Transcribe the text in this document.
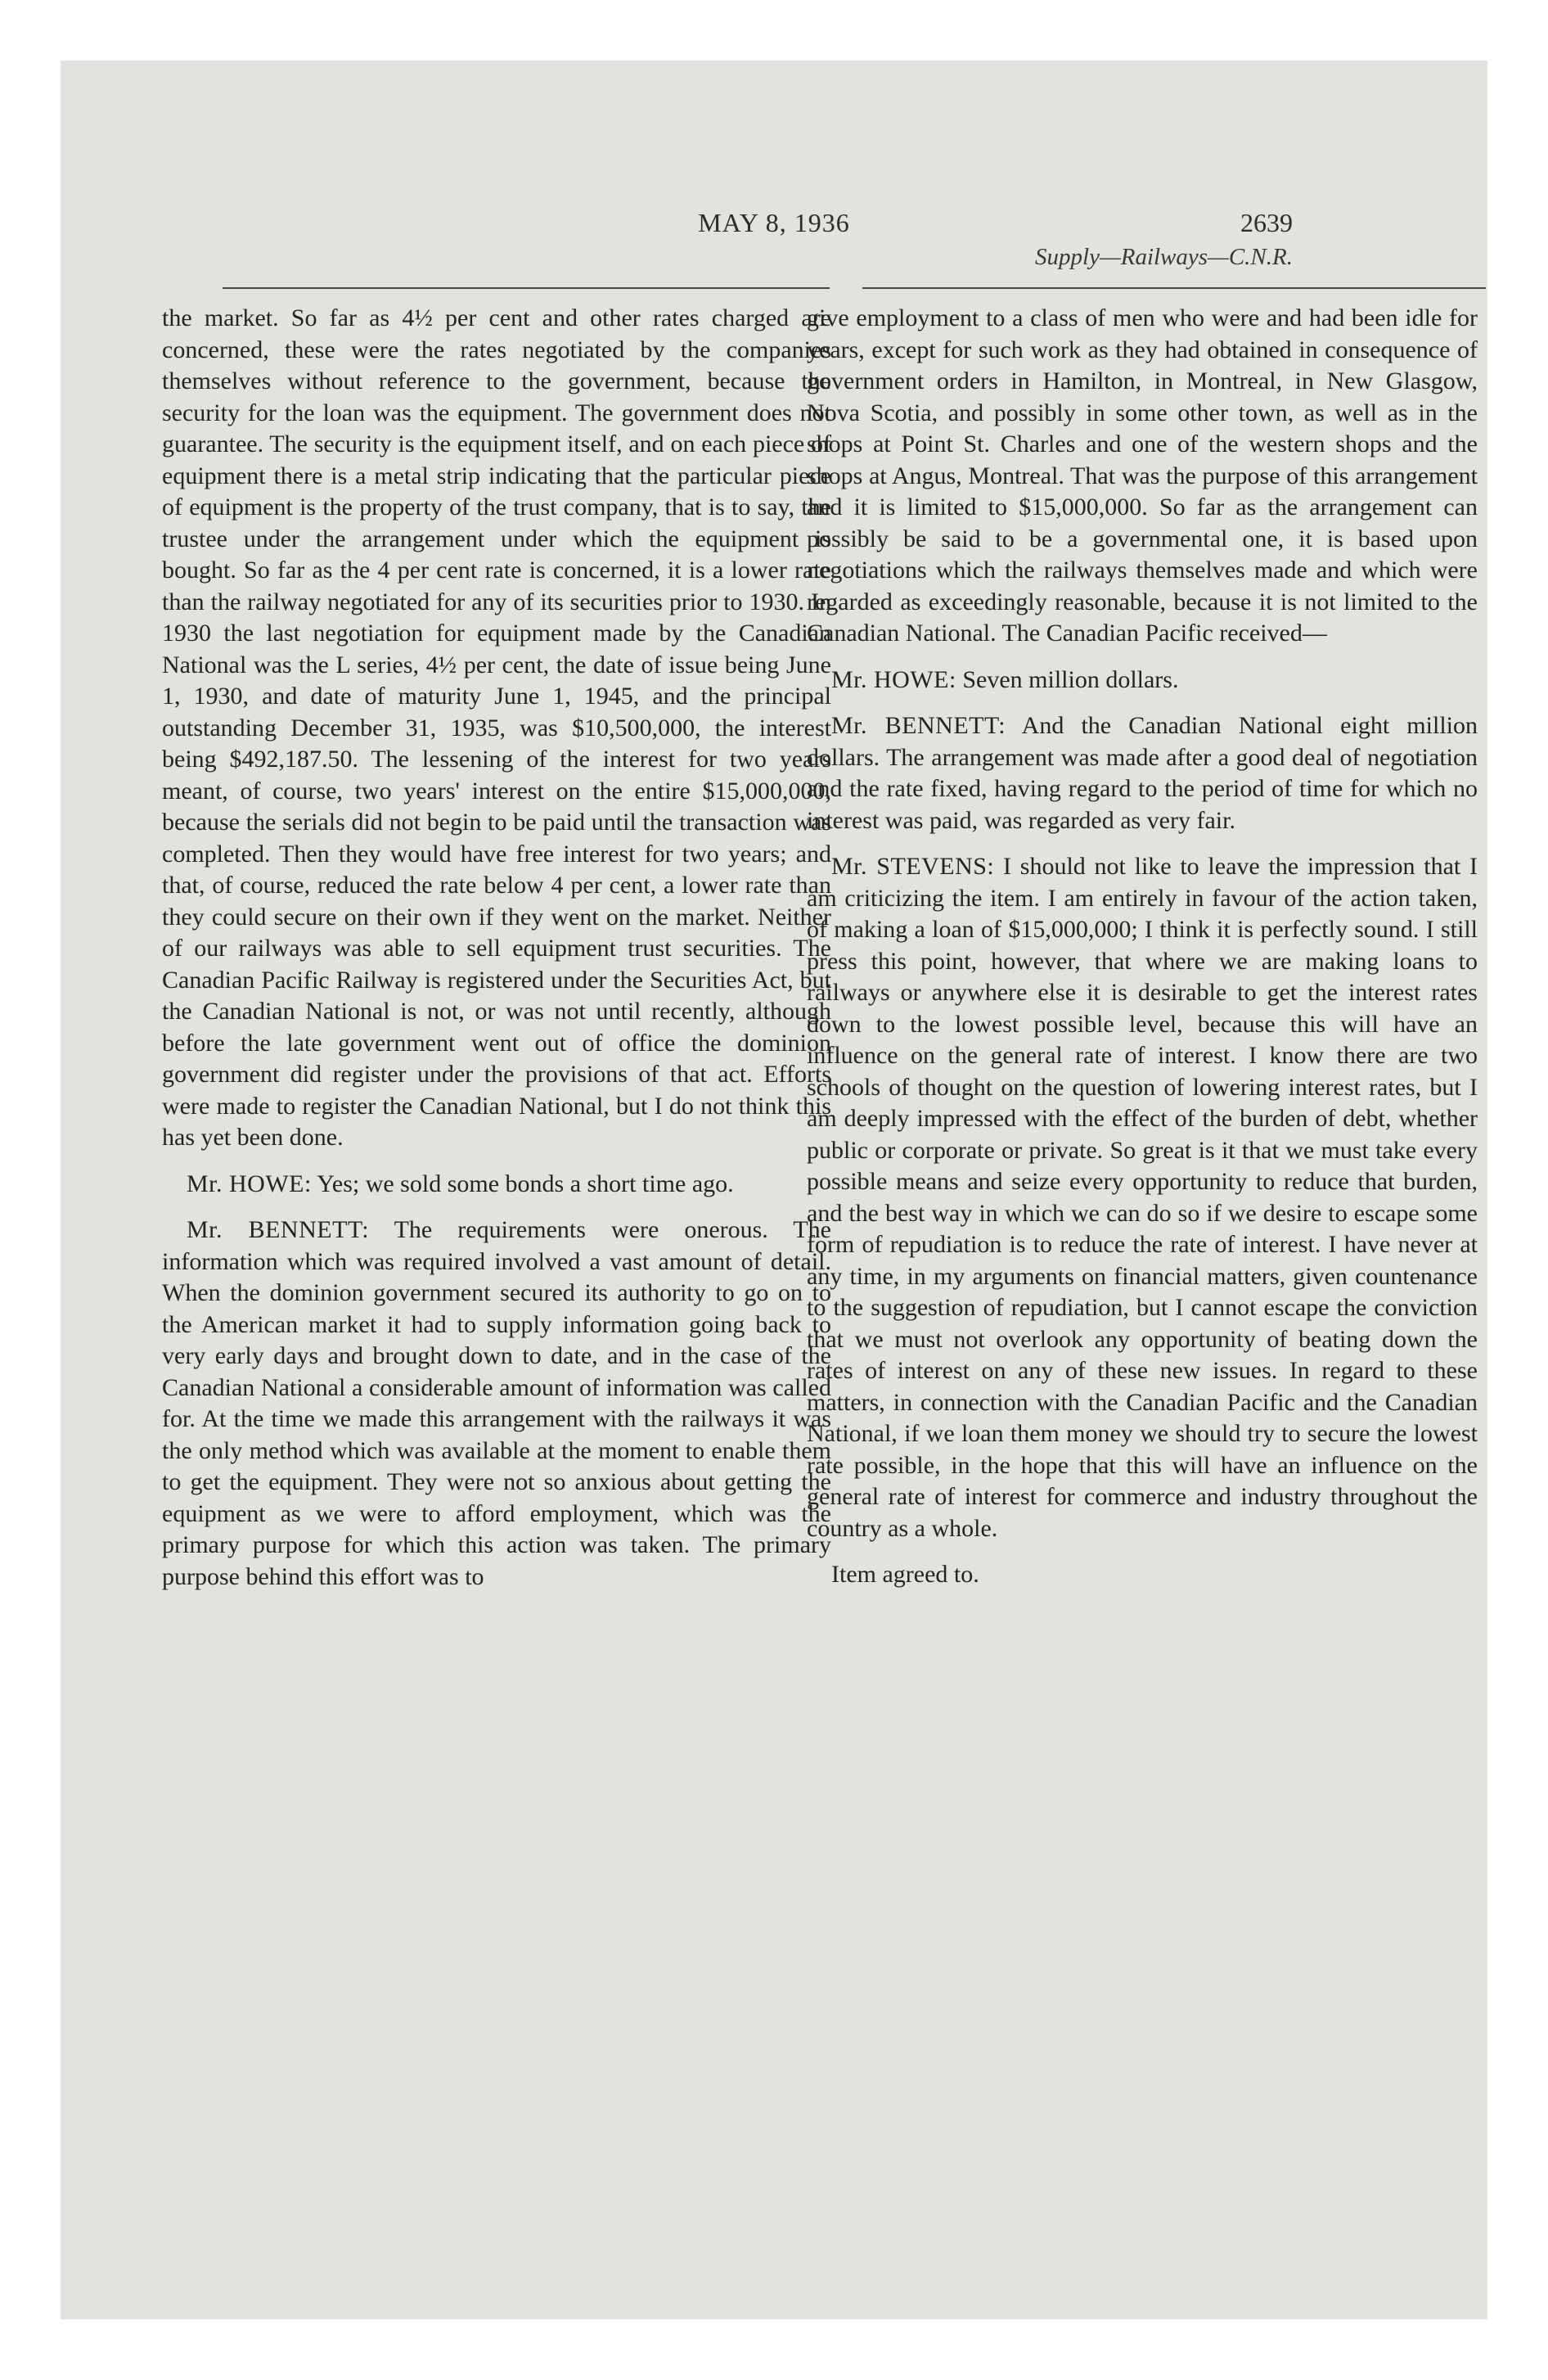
MAY 8, 1936	2639
Supply—Railways—C.N.R.

the market. So far as 4½ per cent and other rates charged are concerned, these were the rates negotiated by the companies themselves without reference to the government, because the security for the loan was the equipment. The government does not guarantee. The security is the equipment itself, and on each piece of equipment there is a metal strip indicating that the particular piece of equipment is the property of the trust company, that is to say, the trustee under the arrangement under which the equipment is bought. So far as the 4 per cent rate is concerned, it is a lower rate than the railway negotiated for any of its securities prior to 1930. In 1930 the last negotiation for equipment made by the Canadian National was the L series, 4½ per cent, the date of issue being June 1, 1930, and date of maturity June 1, 1945, and the principal outstanding December 31, 1935, was $10,500,000, the interest being $492,187.50. The lessening of the interest for two years meant, of course, two years' interest on the entire $15,000,000, because the serials did not begin to be paid until the transaction was completed. Then they would have free interest for two years; and that, of course, reduced the rate below 4 per cent, a lower rate than they could secure on their own if they went on the market. Neither of our railways was able to sell equipment trust securities. The Canadian Pacific Railway is registered under the Securities Act, but the Canadian National is not, or was not until recently, although before the late government went out of office the dominion government did register under the provisions of that act. Efforts were made to register the Canadian National, but I do not think this has yet been done.

Mr. HOWE: Yes; we sold some bonds a short time ago.

Mr. BENNETT: The requirements were onerous. The information which was required involved a vast amount of detail. When the dominion government secured its authority to go on to the American market it had to supply information going back to very early days and brought down to date, and in the case of the Canadian National a considerable amount of information was called for. At the time we made this arrangement with the railways it was the only method which was available at the moment to enable them to get the equipment. They were not so anxious about getting the equipment as we were to afford employment, which was the primary purpose for which this action was taken. The primary purpose behind this effort was to

give employment to a class of men who were and had been idle for years, except for such work as they had obtained in consequence of government orders in Hamilton, in Montreal, in New Glasgow, Nova Scotia, and possibly in some other town, as well as in the shops at Point St. Charles and one of the western shops and the shops at Angus, Montreal. That was the purpose of this arrangement and it is limited to $15,000,000. So far as the arrangement can possibly be said to be a governmental one, it is based upon negotiations which the railways themselves made and which were regarded as exceedingly reasonable, because it is not limited to the Canadian National. The Canadian Pacific received—

Mr. HOWE: Seven million dollars.

Mr. BENNETT: And the Canadian National eight million dollars. The arrangement was made after a good deal of negotiation and the rate fixed, having regard to the period of time for which no interest was paid, was regarded as very fair.

Mr. STEVENS: I should not like to leave the impression that I am criticizing the item. I am entirely in favour of the action taken, of making a loan of $15,000,000; I think it is perfectly sound. I still press this point, however, that where we are making loans to railways or anywhere else it is desirable to get the interest rates down to the lowest possible level, because this will have an influence on the general rate of interest. I know there are two schools of thought on the question of lowering interest rates, but I am deeply impressed with the effect of the burden of debt, whether public or corporate or private. So great is it that we must take every possible means and seize every opportunity to reduce that burden, and the best way in which we can do so if we desire to escape some form of repudiation is to reduce the rate of interest. I have never at any time, in my arguments on financial matters, given countenance to the suggestion of repudiation, but I cannot escape the conviction that we must not overlook any opportunity of beating down the rates of interest on any of these new issues. In regard to these matters, in connection with the Canadian Pacific and the Canadian National, if we loan them money we should try to secure the lowest rate possible, in the hope that this will have an influence on the general rate of interest for commerce and industry throughout the country as a whole.

Item agreed to.
